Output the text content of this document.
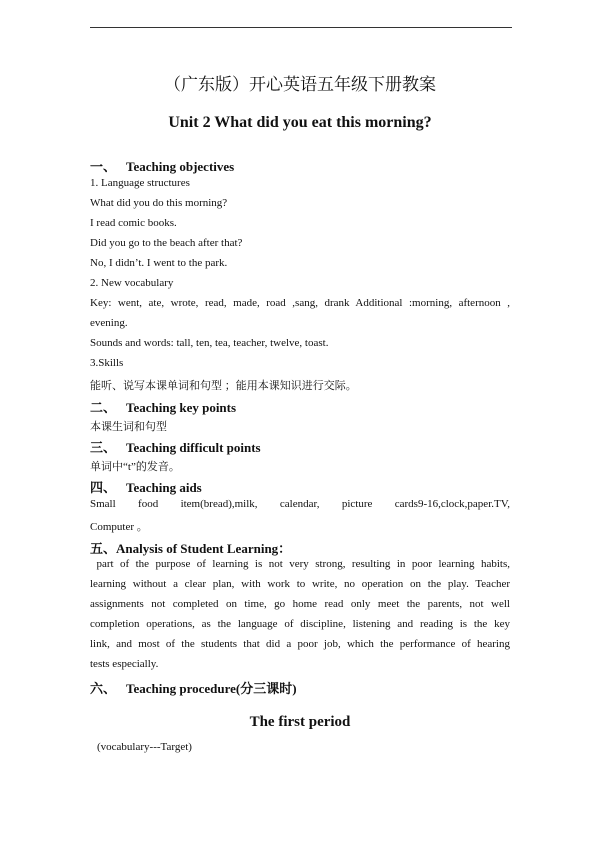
（广东版）开心英语五年级下册教案
Unit 2 What did you eat this morning?
一、 Teaching objectives
1. Language structures
What did you do this morning?
I read comic books.
Did you go to the beach after that?
No, I didn’t. I went to the park.
2. New vocabulary
Key: went, ate, wrote, read, made, road ,sang, drank Additional :morning, afternoon ,
evening.
Sounds and words: tall, ten, tea, teacher, twelve, toast.
3.Skills
能听、说写本课单词和句型 ；能用本课知识进行交际。
二、 Teaching key points
本课生词和句型
三、 Teaching difficult points
单词中“t”的发音。
四、 Teaching aids
Small food item(bread),milk, calendar, picture cards9-16,clock,paper.TV,
Computer 。
五、Analysis of Student Learning：
part of the purpose of learning is not very strong, resulting in poor learning habits,
learning without a clear plan, with work to write, no operation on the play. Teacher
assignments not completed on time, go home read only meet the parents, not well
completion operations, as the language of discipline, listening and reading is the key
link, and most of the students that did a poor job, which the performance of hearing
tests especially.
六、 Teaching procedure(分三课时)
The first period
(vocabulary---Target)
